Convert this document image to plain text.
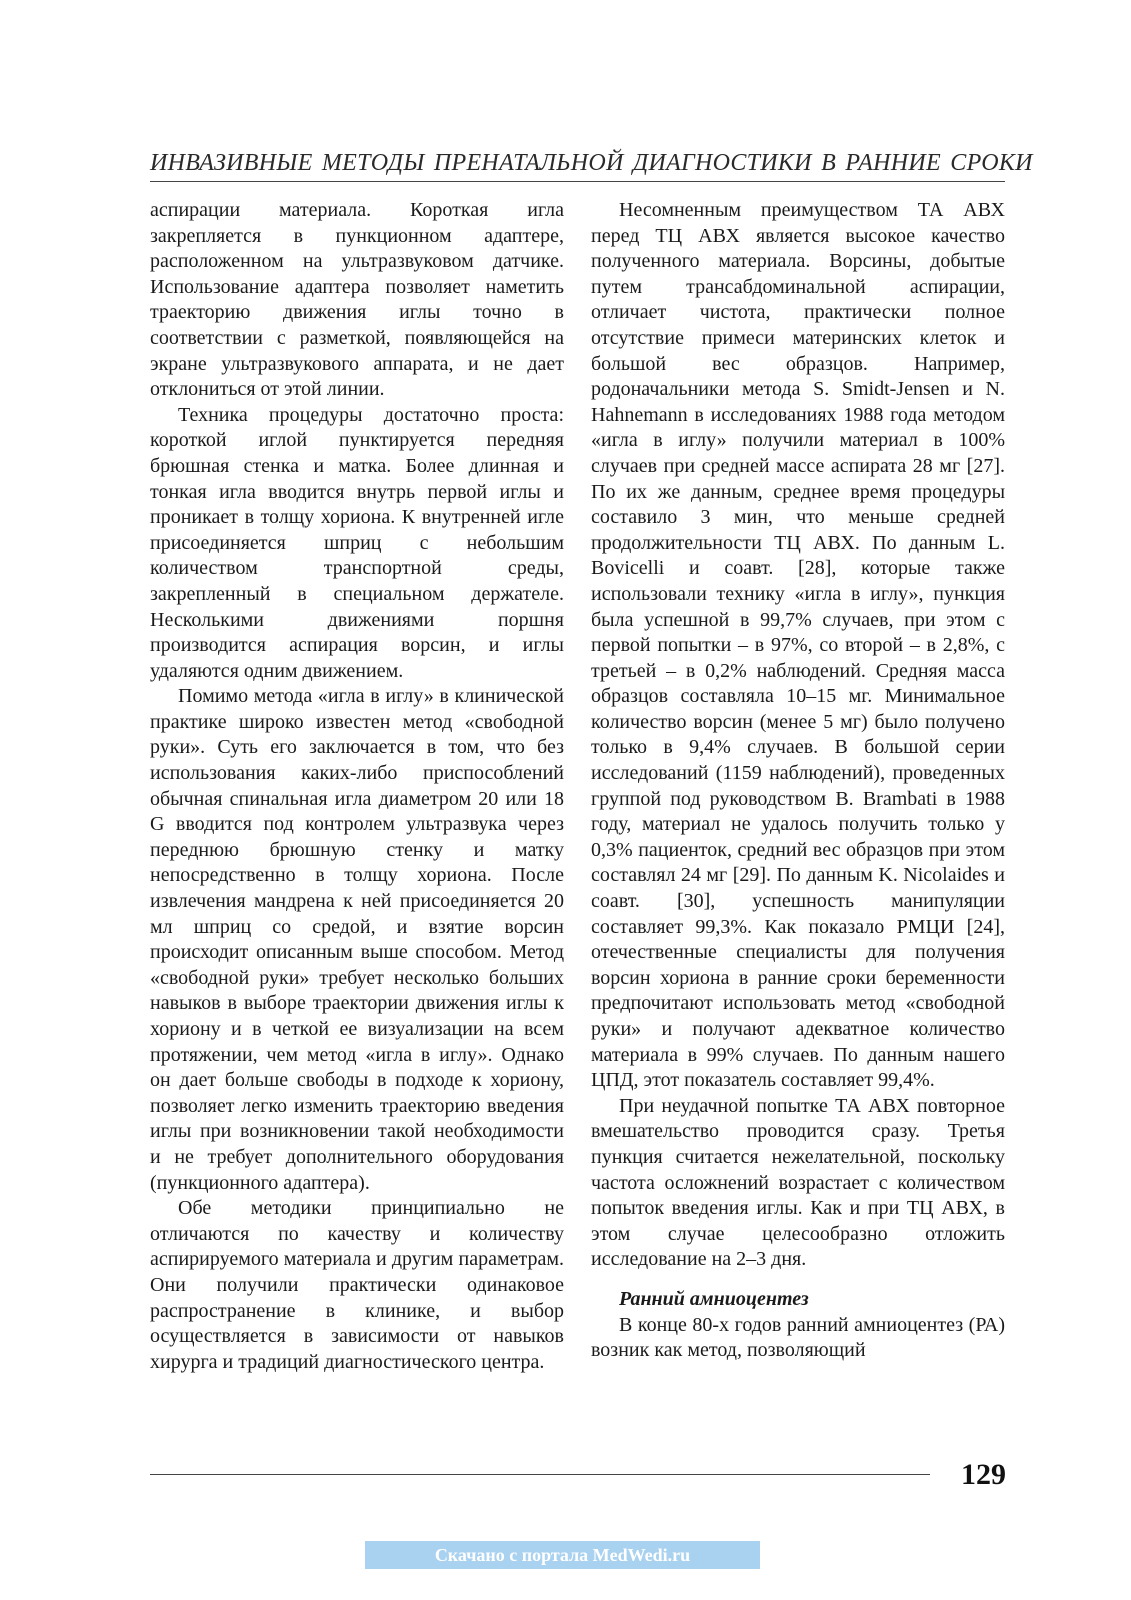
ИНВАЗИВНЫЕ МЕТОДЫ ПРЕНАТАЛЬНОЙ ДИАГНОСТИКИ В РАННИЕ СРОКИ

аспирации материала. Короткая игла закрепляется в пункционном адаптере, расположенном на ультразвуковом датчике. Использование адаптера позволяет наметить траекторию движения иглы точно в соответствии с разметкой, появляющейся на экране ультразвукового аппарата, и не дает отклониться от этой линии.

Техника процедуры достаточно проста: короткой иглой пунктируется передняя брюшная стенка и матка. Более длинная и тонкая игла вводится внутрь первой иглы и проникает в толщу хориона. К внутренней игле присоединяется шприц с небольшим количеством транспортной среды, закрепленный в специальном держателе. Несколькими движениями поршня производится аспирация ворсин, и иглы удаляются одним движением.

Помимо метода «игла в иглу» в клинической практике широко известен метод «свободной руки». Суть его заключается в том, что без использования каких-либо приспособлений обычная спинальная игла диаметром 20 или 18 G вводится под контролем ультразвука через переднюю брюшную стенку и матку непосредственно в толщу хориона. После извлечения мандрена к ней присоединяется 20 мл шприц со средой, и взятие ворсин происходит описанным выше способом. Метод «свободной руки» требует несколько больших навыков в выборе траектории движения иглы к хориону и в четкой ее визуализации на всем протяжении, чем метод «игла в иглу». Однако он дает больше свободы в подходе к хориону, позволяет легко изменить траекторию введения иглы при возникновении такой необходимости и не требует дополнительного оборудования (пункционного адаптера).

Обе методики принципиально не отличаются по качеству и количеству аспирируемого материала и другим параметрам. Они получили практически одинаковое распространение в клинике, и выбор осуществляется в зависимости от навыков хирурга и традиций диагностического центра.

Несомненным преимуществом ТА АВХ перед ТЦ АВХ является высокое качество полученного материала. Ворсины, добытые путем трансабдоминальной аспирации, отличает чистота, практически полное отсутствие примеси материнских клеток и большой вес образцов. Например, родоначальники метода S. Smidt-Jensen и N. Hahnemann в исследованиях 1988 года методом «игла в иглу» получили материал в 100% случаев при средней массе аспирата 28 мг [27]. По их же данным, среднее время процедуры составило 3 мин, что меньше средней продолжительности ТЦ АВХ. По данным L. Bovicelli и соавт. [28], которые также использовали технику «игла в иглу», пункция была успешной в 99,7% случаев, при этом с первой попытки – в 97%, со второй – в 2,8%, с третьей – в 0,2% наблюдений. Средняя масса образцов составляла 10–15 мг. Минимальное количество ворсин (менее 5 мг) было получено только в 9,4% случаев. В большой серии исследований (1159 наблюдений), проведенных группой под руководством B. Brambati в 1988 году, материал не удалось получить только у 0,3% пациенток, средний вес образцов при этом составлял 24 мг [29]. По данным K. Nicolaides и соавт. [30], успешность манипуляции составляет 99,3%. Как показало РМЦИ [24], отечественные специалисты для получения ворсин хориона в ранние сроки беременности предпочитают использовать метод «свободной руки» и получают адекватное количество материала в 99% случаев. По данным нашего ЦПД, этот показатель составляет 99,4%.

При неудачной попытке ТА АВХ повторное вмешательство проводится сразу. Третья пункция считается нежелательной, поскольку частота осложнений возрастает с количеством попыток введения иглы. Как и при ТЦ АВХ, в этом случае целесообразно отложить исследование на 2–3 дня.

Ранний амниоцентез

В конце 80-х годов ранний амниоцентез (РА) возник как метод, позволяющий

129
Скачано с портала MedWedi.ru
